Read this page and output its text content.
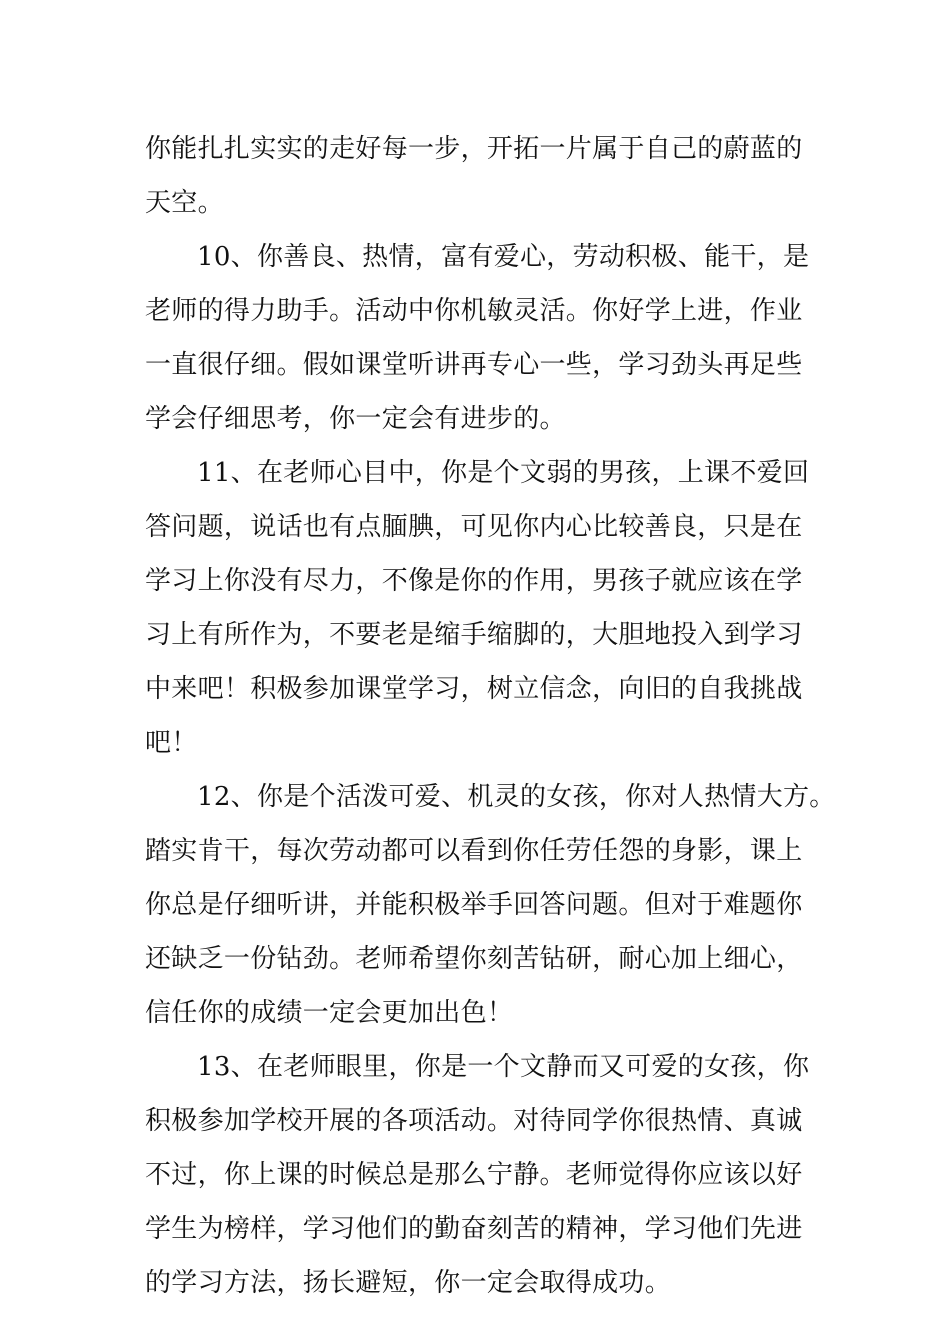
你能扎扎实实的走好每一步，开拓一片属于自己的蔚蓝的
天空。
10、你善良、热情，富有爱心，劳动积极、能干，是
老师的得力助手。活动中你机敏灵活。你好学上进，作业
一直很仔细。假如课堂听讲再专心一些，学习劲头再足些
学会仔细思考，你一定会有进步的。
11、在老师心目中，你是个文弱的男孩，上课不爱回
答问题，说话也有点腼腆，可见你内心比较善良，只是在
学习上你没有尽力，不像是你的作用，男孩子就应该在学
习上有所作为，不要老是缩手缩脚的，大胆地投入到学习
中来吧！积极参加课堂学习，树立信念，向旧的自我挑战
吧！
12、你是个活泼可爱、机灵的女孩，你对人热情大方。
踏实肯干，每次劳动都可以看到你任劳任怨的身影，课上
你总是仔细听讲，并能积极举手回答问题。但对于难题你
还缺乏一份钻劲。老师希望你刻苦钻研，耐心加上细心，
信任你的成绩一定会更加出色！
13、在老师眼里，你是一个文静而又可爱的女孩，你
积极参加学校开展的各项活动。对待同学你很热情、真诚
不过，你上课的时候总是那么宁静。老师觉得你应该以好
学生为榜样，学习他们的勤奋刻苦的精神，学习他们先进
的学习方法，扬长避短，你一定会取得成功。
